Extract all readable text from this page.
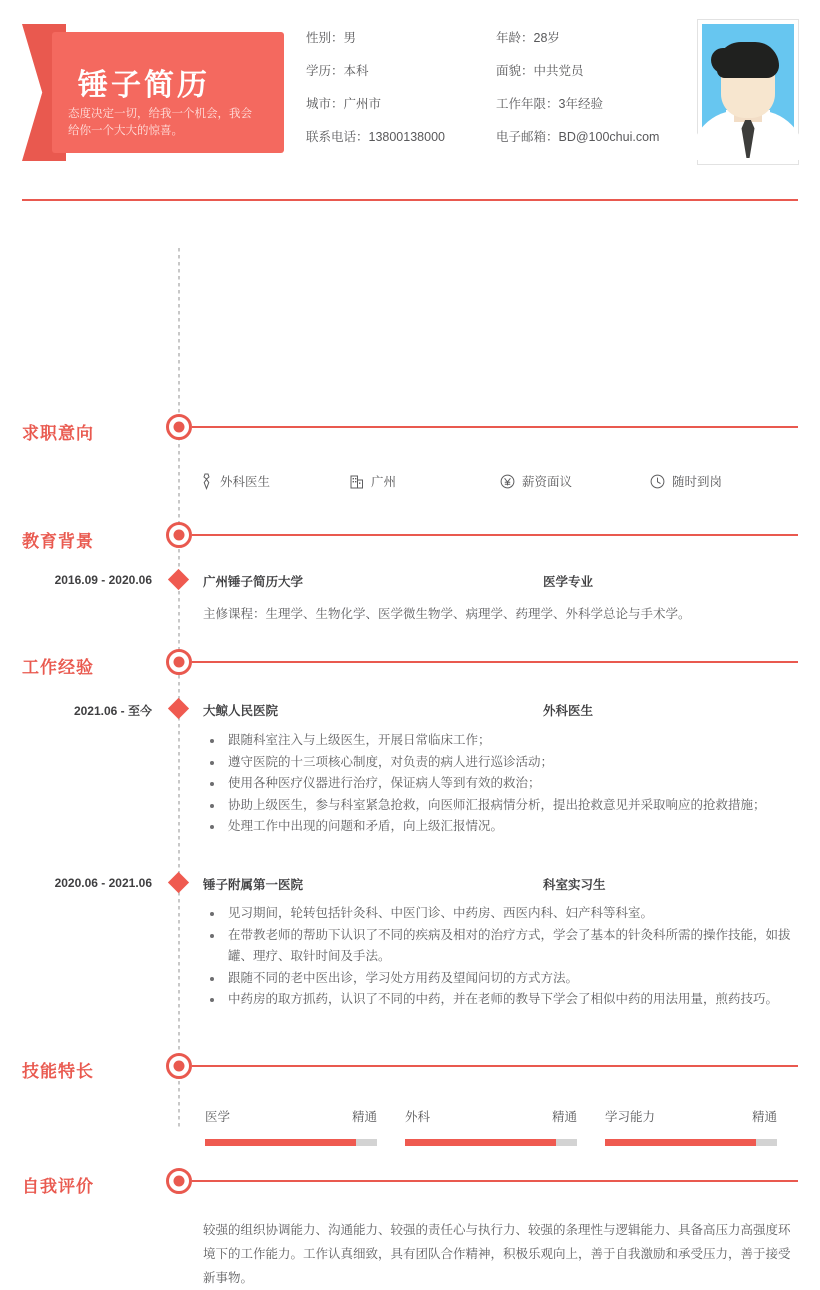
锤子简历
态度决定一切，给我一个机会，我会给你一个大大的惊喜。
性别：男	年龄：28岁
学历：本科	面貌：中共党员
城市：广州市	工作年限：3年经验
联系电话：13800138000	电子邮箱：BD@100chui.com
求职意向
外科医生	广州	薪资面议	随时到岗
教育背景
2016.09 - 2020.06	广州锤子简历大学	医学专业
主修课程：生理学、生物化学、医学微生物学、病理学、药理学、外科学总论与手术学。
工作经验
2021.06 - 至今	大鲸人民医院	外科医生
跟随科室注入与上级医生，开展日常临床工作；
遵守医院的十三项核心制度，对负责的病人进行巡诊活动；
使用各种医疗仪器进行治疗，保证病人等到有效的救治；
协助上级医生，参与科室紧急抢救，向医师汇报病情分析，提出抢救意见并采取响应的抢救措施；
处理工作中出现的问题和矛盾，向上级汇报情况。
2020.06 - 2021.06	锤子附属第一医院	科室实习生
见习期间，轮转包括针灸科、中医门诊、中药房、西医内科、妇产科等科室。
在带教老师的帮助下认识了不同的疾病及相对的治疗方式，学会了基本的针灸科所需的操作技能，如拔罐、理疗、取针时间及手法。
跟随不同的老中医出诊，学习处方用药及望闻问切的方式方法。
中药房的取方抓药，认识了不同的中药，并在老师的教导下学会了相似中药的用法用量，煎药技巧。
技能特长
医学	精通 外科	精通 学习能力	精通
自我评价
较强的组织协调能力、沟通能力、较强的责任心与执行力、较强的条理性与逻辑能力、具备高压力高强度环境下的工作能力。工作认真细致，具有团队合作精神，积极乐观向上，善于自我激励和承受压力，善于接受新事物。
